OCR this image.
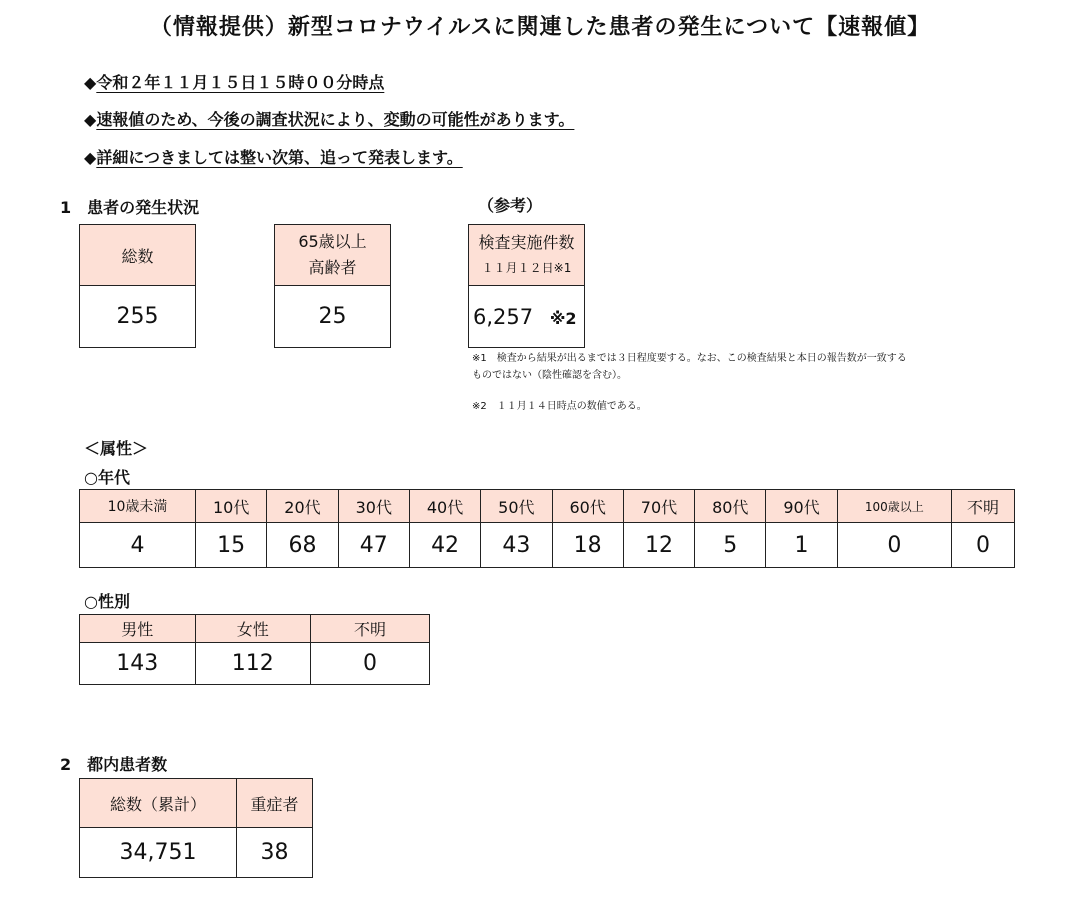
（情報提供）新型コロナウイルスに関連した患者の発生について【速報値】
◆令和２年１１月１５日１５時００分時点
◆速報値のため、今後の調査状況により、変動の可能性があります。
◆詳細につきましては整い次第、追って発表します。
1　患者の発生状況	（参考）
総数
255
65歳以上
高齢者
25
検査実施件数
１１月１２日※1
6,257 ※2
※1　検査から結果が出るまでは３日程度要する。なお、この検査結果と本日の報告数が一致する
ものではない（陰性確認を含む）。
※2　１１月１４日時点の数値である。
＜属性＞
○年代
10歳未満	10代	20代	30代	40代	50代	60代	70代	80代	90代	100歳以上	不明
4	15	68	47	42	43	18	12	5	1	0	0
○性別
男性	女性	不明
143	112	0
2　都内患者数
総数（累計）	重症者
34,751	38
